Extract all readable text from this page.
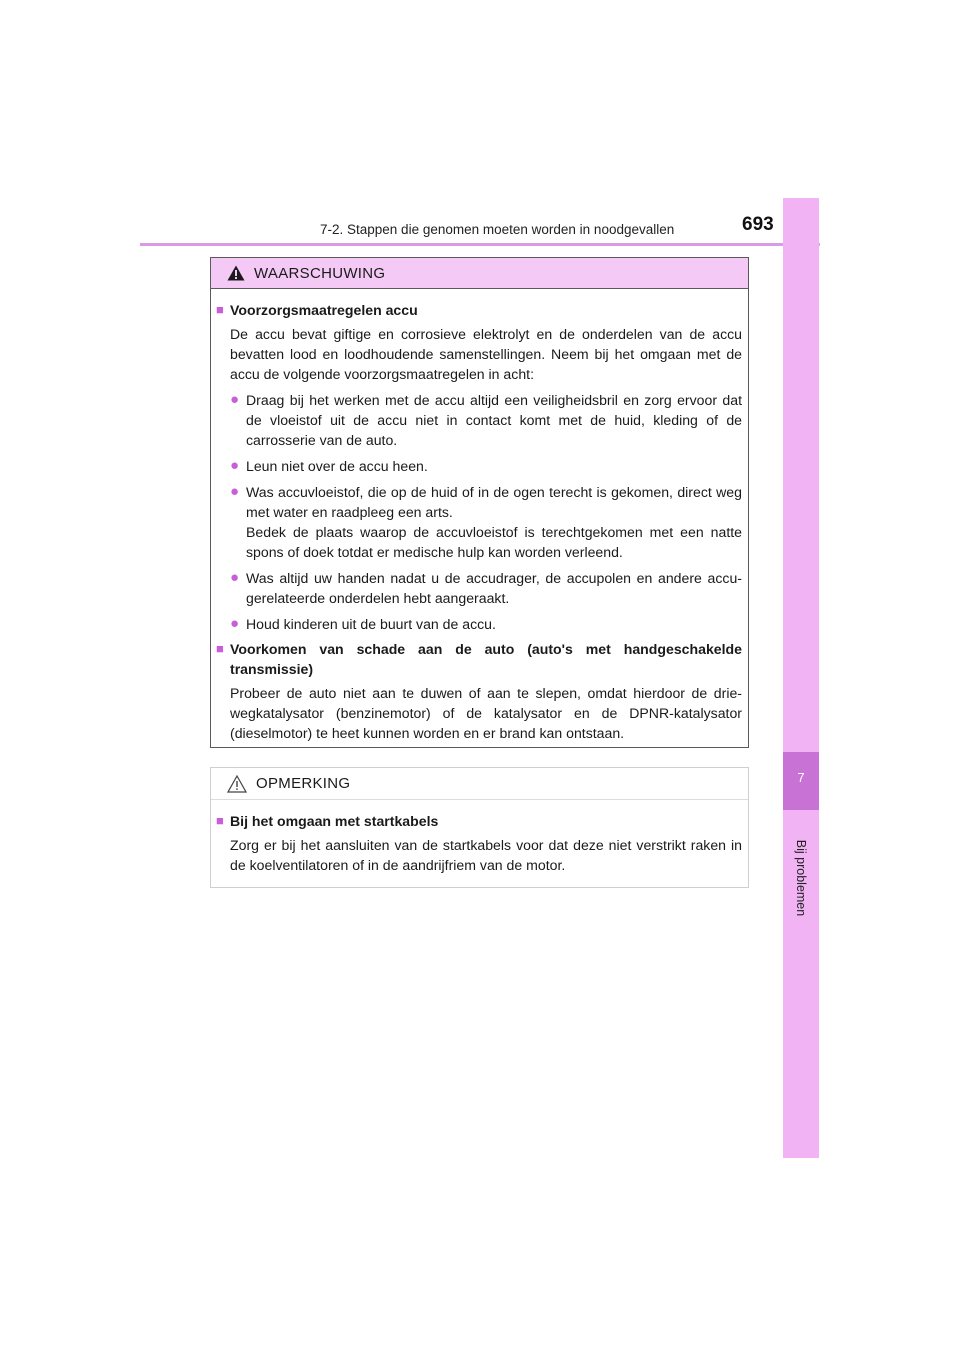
7-2. Stappen die genomen moeten worden in noodgevallen	693
7
Bij problemen
WAARSCHUWING
■ Voorzorgsmaatregelen accu
De accu bevat giftige en corrosieve elektrolyt en de onderdelen van de accu bevatten lood en loodhoudende samenstellingen. Neem bij het omgaan met de accu de volgende voorzorgsmaatregelen in acht:
● Draag bij het werken met de accu altijd een veiligheidsbril en zorg ervoor dat de vloeistof uit de accu niet in contact komt met de huid, kleding of de carrosserie van de auto.
● Leun niet over de accu heen.
● Was accuvloeistof, die op de huid of in de ogen terecht is gekomen, direct weg met water en raadpleeg een arts.
Bedek de plaats waarop de accuvloeistof is terechtgekomen met een natte spons of doek totdat er medische hulp kan worden verleend.
● Was altijd uw handen nadat u de accudrager, de accupolen en andere accu-gerelateerde onderdelen hebt aangeraakt.
● Houd kinderen uit de buurt van de accu.
■ Voorkomen van schade aan de auto (auto's met handgeschakelde transmissie)
Probeer de auto niet aan te duwen of aan te slepen, omdat hierdoor de drie-wegkatalysator (benzinemotor) of de katalysator en de DPNR-katalysator (dieselmotor) te heet kunnen worden en er brand kan ontstaan.
OPMERKING
■ Bij het omgaan met startkabels
Zorg er bij het aansluiten van de startkabels voor dat deze niet verstrikt raken in de koelventilatoren of in de aandrijfriem van de motor.
